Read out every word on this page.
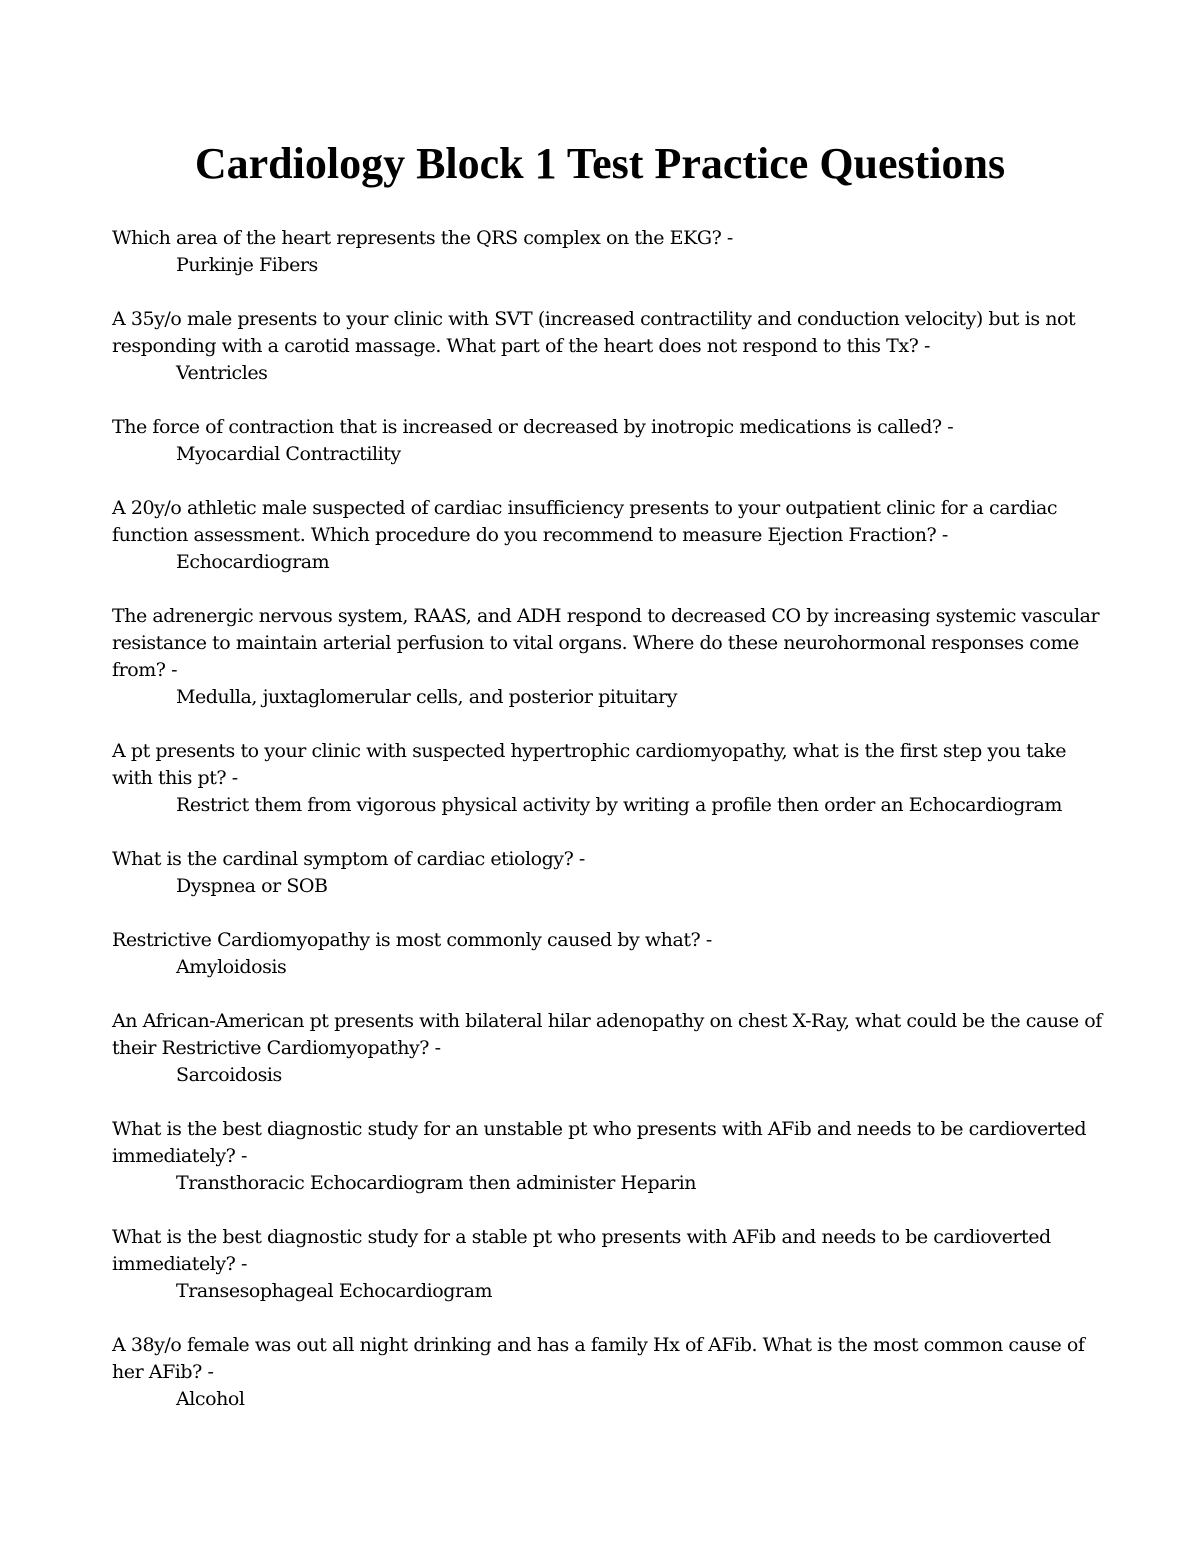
Cardiology Block 1 Test Practice Questions

Which area of the heart represents the QRS complex on the EKG? -

Purkinje Fibers

A 35y/o male presents to your clinic with SVT (increased contractility and conduction velocity) but is not responding with a carotid massage. What part of the heart does not respond to this Tx? -

Ventricles

The force of contraction that is increased or decreased by inotropic medications is called? -

Myocardial Contractility

A 20y/o athletic male suspected of cardiac insufficiency presents to your outpatient clinic for a cardiac function assessment. Which procedure do you recommend to measure Ejection Fraction? -

Echocardiogram

The adrenergic nervous system, RAAS, and ADH respond to decreased CO by increasing systemic vascular resistance to maintain arterial perfusion to vital organs. Where do these neurohormonal responses come from? -

Medulla, juxtaglomerular cells, and posterior pituitary

A pt presents to your clinic with suspected hypertrophic cardiomyopathy, what is the first step you take with this pt? -

Restrict them from vigorous physical activity by writing a profile then order an Echocardiogram

What is the cardinal symptom of cardiac etiology? -

Dyspnea or SOB

Restrictive Cardiomyopathy is most commonly caused by what? -

Amyloidosis

An African-American pt presents with bilateral hilar adenopathy on chest X-Ray, what could be the cause of their Restrictive Cardiomyopathy? -

Sarcoidosis

What is the best diagnostic study for an unstable pt who presents with AFib and needs to be cardioverted immediately? -

Transthoracic Echocardiogram then administer Heparin

What is the best diagnostic study for a stable pt who presents with AFib and needs to be cardioverted immediately? -

Transesophageal Echocardiogram

A 38y/o female was out all night drinking and has a family Hx of AFib. What is the most common cause of her AFib? -

Alcohol
